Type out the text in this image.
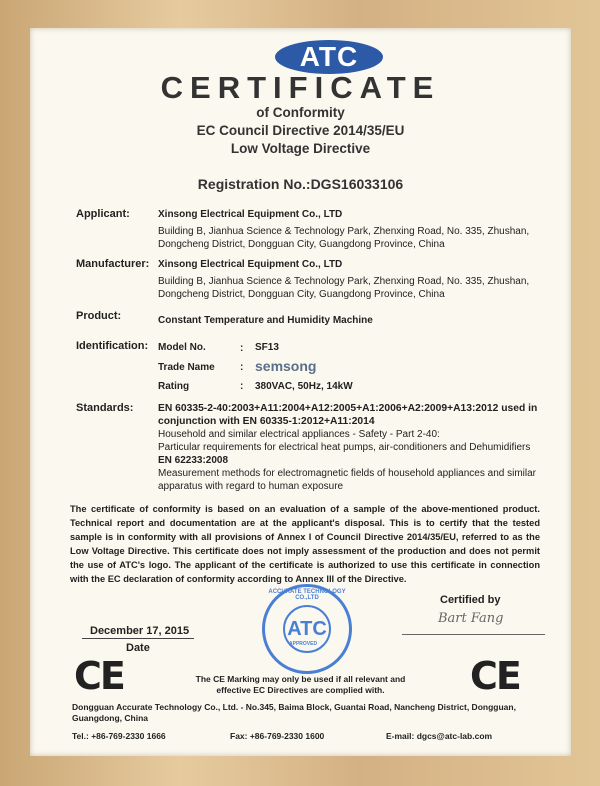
ATC
CERTIFICATE
of Conformity
EC Council Directive 2014/35/EU
Low Voltage Directive
Registration No.:DGS16033106
Applicant:	Xinsong Electrical Equipment Co., LTD
Building B, Jianhua Science & Technology Park, Zhenxing Road, No. 335, Zhushan,
Dongcheng District, Dongguan City, Guangdong Province, China
Manufacturer: Xinsong Electrical Equipment Co., LTD
Building B, Jianhua Science & Technology Park, Zhenxing Road, No. 335, Zhushan,
Dongcheng District, Dongguan City, Guangdong Province, China
Product:	Constant Temperature and Humidity Machine
Identification: Model No.	: SF13
Trade Name	: semsong
Rating	: 380VAC, 50Hz, 14kW
Standards: EN 60335-2-40:2003+A11:2004+A12:2005+A1:2006+A2:2009+A13:2012 used in
conjunction with EN 60335-1:2012+A11:2014
Household and similar electrical appliances - Safety - Part 2-40:
Particular requirements for electrical heat pumps, air-conditioners and Dehumidifiers
EN 62233:2008
Measurement methods for electromagnetic fields of household appliances and similar
apparatus with regard to human exposure
The certificate of conformity is based on an evaluation of a sample of the above-mentioned product. Technical report and documentation are at the applicant's disposal. This is to certify that the tested sample is in conformity with all provisions of Annex I of Council Directive 2014/35/EU, referred to as the Low Voltage Directive. This certificate does not imply assessment of the production and does not permit the use of ATC's logo. The applicant of the certificate is authorized to use this certificate in connection with the EC declaration of conformity according to Annex III of the Directive.
ATC
ACCURATE TECHNOLOGY CO.,LTD
APPROVED
Certified by
Bart Fang
December 17, 2015
Date
CE	CE
The CE Marking may only be used if all relevant and
effective EC Directives are complied with.
Dongguan Accurate Technology Co., Ltd. - No.345, Baima Block, Guantai Road, Nancheng District, Dongguan,
Guangdong, China
Tel.: +86-769-2330 1666	Fax: +86-769-2330 1600	E-mail: dgcs@atc-lab.com
